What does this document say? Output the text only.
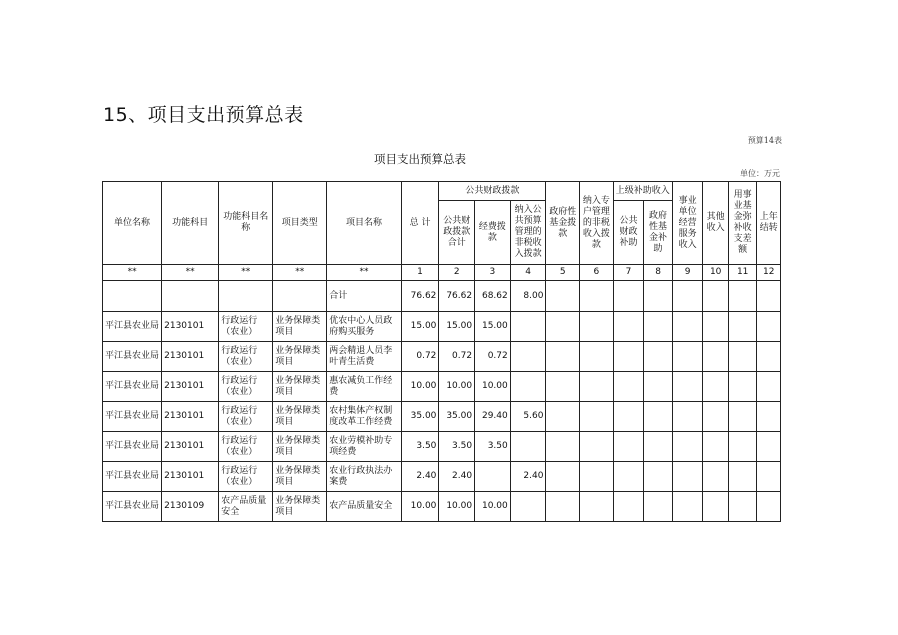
15、项目支出预算总表
预算14表
项目支出预算总表
单位：万元
单位名称	功能科目	功能科目名称	项目类型	项目名称	总 计	公共财政拨款			政府性基金拨款	纳入专户管理的非税收入拨款	上级补助收入		事业单位经营服务收入	其他收入	用事业基金弥补收支差额	上年结转
						公共财政拨款合计	经费拨款	纳入公共预算管理的非税收入拨款			公共财政补助	政府性基金补助				
**	**	**	**	**	1	2	3	4	5	6	7	8	9	10	11	12
				合计	76.62	76.62	68.62	8.00								
平江县农业局	2130101	行政运行（农业）	业务保障类项目	优农中心人员政府购买服务	15.00	15.00	15.00									
平江县农业局	2130101	行政运行（农业）	业务保障类项目	两会精退人员李叶青生活费	0.72	0.72	0.72									
平江县农业局	2130101	行政运行（农业）	业务保障类项目	惠农减负工作经费	10.00	10.00	10.00									
平江县农业局	2130101	行政运行（农业）	业务保障类项目	农村集体产权制度改革工作经费	35.00	35.00	29.40	5.60								
平江县农业局	2130101	行政运行（农业）	业务保障类项目	农业劳模补助专项经费	3.50	3.50	3.50									
平江县农业局	2130101	行政运行（农业）	业务保障类项目	农业行政执法办案费	2.40	2.40		2.40								
平江县农业局	2130109	农产品质量安全	业务保障类项目	农产品质量安全	10.00	10.00	10.00									
